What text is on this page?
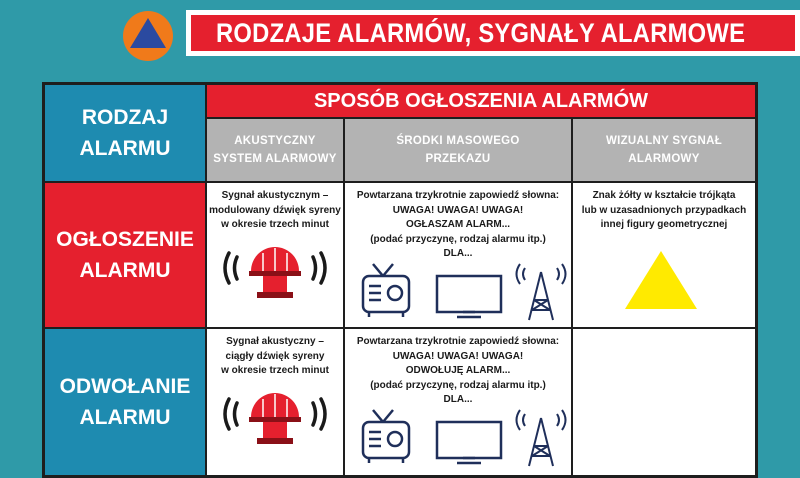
RODZAJE ALARMÓW, SYGNAŁY ALARMOWE
RODZAJ
ALARMU
SPOSÓB OGŁOSZENIA ALARMÓW
AKUSTYCZNY
SYSTEM ALARMOWY
ŚRODKI MASOWEGO
PRZEKAZU
WIZUALNY SYGNAŁ
ALARMOWY
OGŁOSZENIE
ALARMU
Sygnał akustycznym –
modulowany dźwięk syreny
w okresie trzech minut
Powtarzana trzykrotnie zapowiedź słowna:
UWAGA! UWAGA! UWAGA!
OGŁASZAM ALARM...
(podać przyczynę, rodzaj alarmu itp.)
DLA...
Znak żółty w kształcie trójkąta
lub w uzasadnionych przypadkach
innej figury geometrycznej
ODWOŁANIE
ALARMU
Sygnał akustyczny –
ciągły dźwięk syreny
w okresie trzech minut
Powtarzana trzykrotnie zapowiedź słowna:
UWAGA! UWAGA! UWAGA!
ODWOŁUJĘ ALARM...
(podać przyczynę, rodzaj alarmu itp.)
DLA...
